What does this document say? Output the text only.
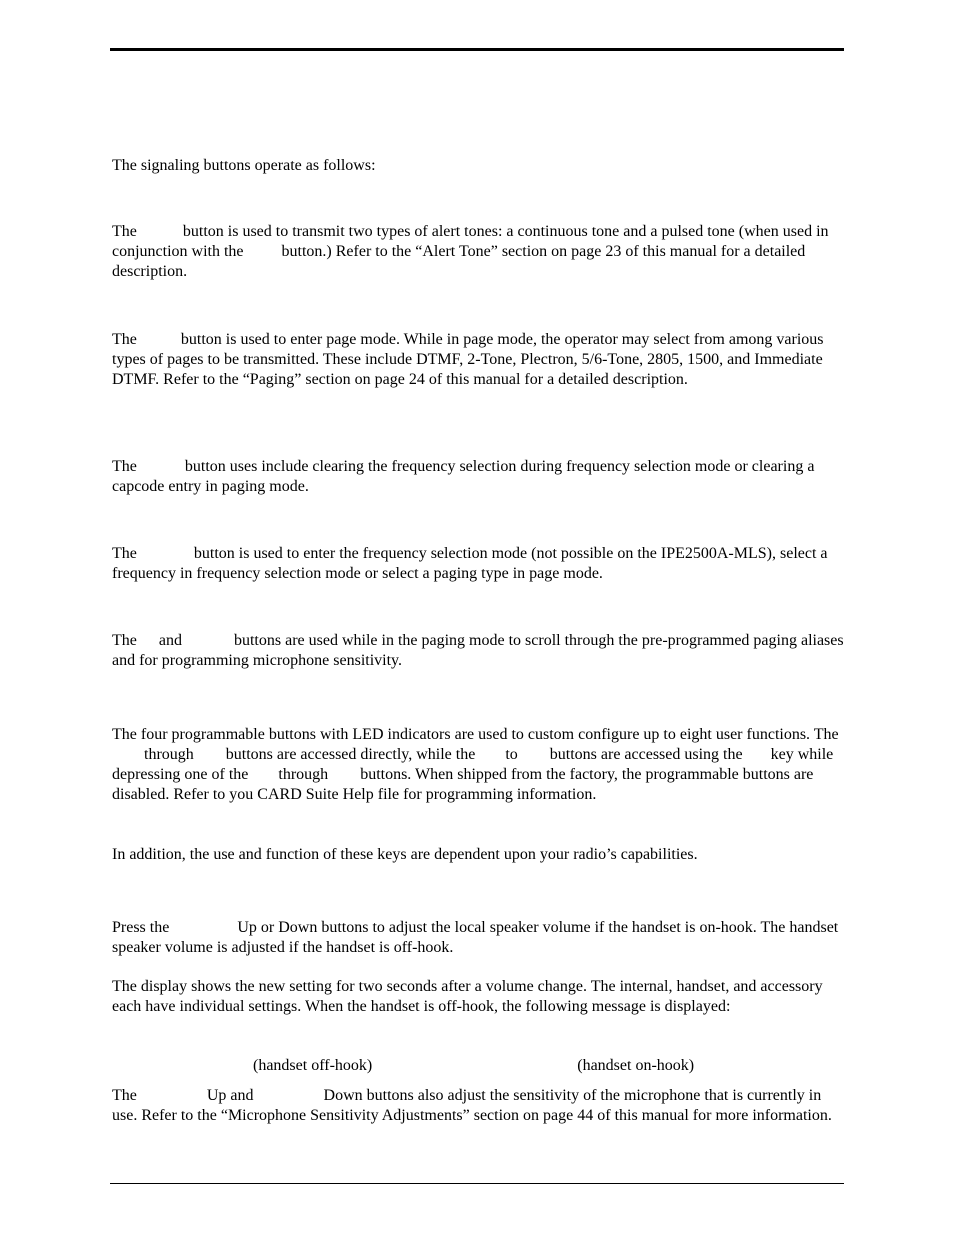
The signaling buttons operate as follows:

The	button is used to transmit two types of alert tones: a continuous tone and a pulsed tone (when used in conjunction with the button.) Refer to the “Alert Tone” section on page 23 of this manual for a detailed description.

The	button is used to enter page mode. While in page mode, the operator may select from among various types of pages to be transmitted. These include DTMF, 2-Tone, Plectron, 5/6-Tone, 2805, 1500, and Immediate DTMF. Refer to the “Paging” section on page 24 of this manual for a detailed description.

The	button uses include clearing the frequency selection during frequency selection mode or clearing a capcode entry in paging mode.

The	button is used to enter the frequency selection mode (not possible on the IPE2500A-MLS), select a frequency in frequency selection mode or select a paging type in page mode.

The and	buttons are used while in the paging mode to scroll through the pre-programmed paging aliases and for programming microphone sensitivity.

The four programmable buttons with LED indicators are used to custom configure up to eight user functions. Thethrough buttons are accessed directly, while the to buttons are accessed using the key while depressing one of the through buttons. When shipped from the factory, the programmable buttons are disabled. Refer to you CARD Suite Help file for programming information.

In addition, the use and function of these keys are dependent upon your radio’s capabilities.

Press the	Up or Down buttons to adjust the local speaker volume if the handset is on-hook. The handset speaker volume is adjusted if the handset is off-hook.

The display shows the new setting for two seconds after a volume change. The internal, handset, and accessory each have individual settings. When the handset is off-hook, the following message is displayed:

(handset off-hook)	(handset on-hook)

The	Up and	Down buttons also adjust the sensitivity of the microphone that is currently in use. Refer to the “Microphone Sensitivity Adjustments” section on page 44 of this manual for more information.
